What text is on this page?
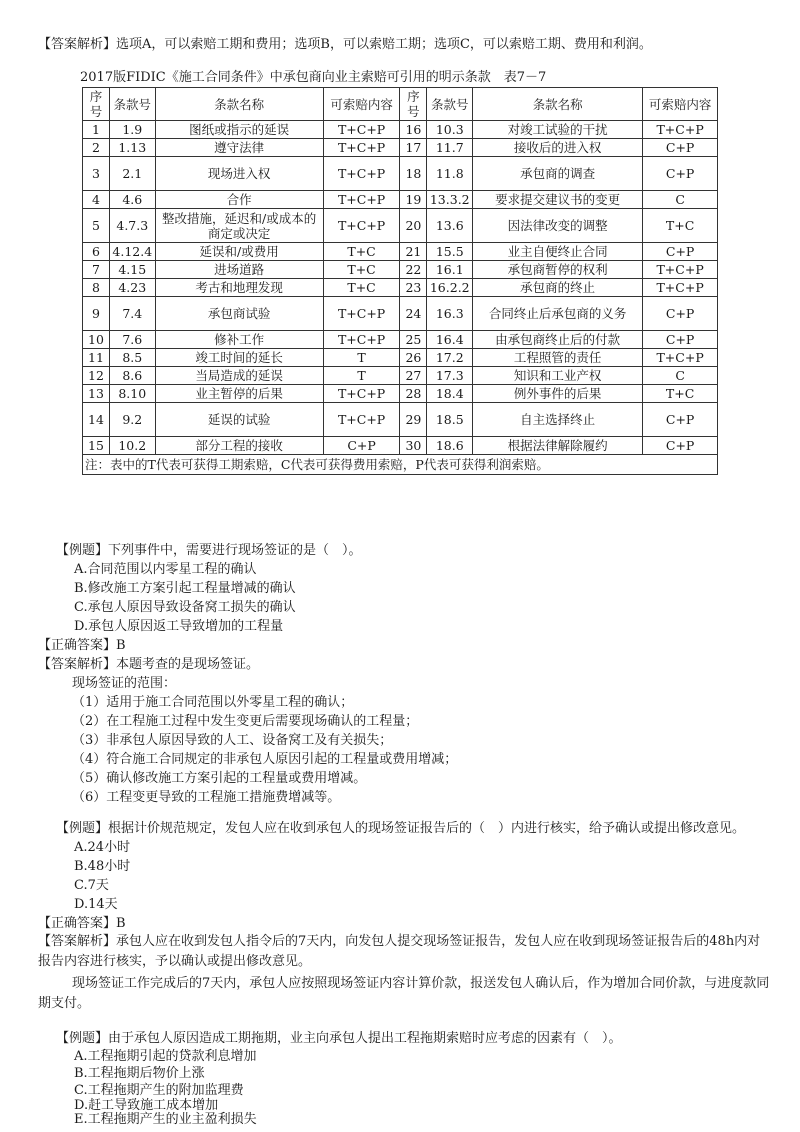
【答案解析】选项A，可以索赔工期和费用；选项B，可以索赔工期；选项C，可以索赔工期、费用和利润。
2017版FIDIC《施工合同条件》中承包商向业主索赔可引用的明示条款　表7－7
序号	条款号	条款名称	可索赔内容	序号	条款号	条款名称	可索赔内容
1	1.9	图纸或指示的延误	T+C+P	16	10.3	对竣工试验的干扰	T+C+P
2	1.13	遵守法律	T+C+P	17	11.7	接收后的进入权	C+P
3	2.1	现场进入权	T+C+P	18	11.8	承包商的调查	C+P
4	4.6	合作	T+C+P	19	13.3.2	要求提交建议书的变更	C
5	4.7.3	整改措施，延迟和/或成本的商定或决定	T+C+P	20	13.6	因法律改变的调整	T+C
6	4.12.4	延误和/或费用	T+C	21	15.5	业主自便终止合同	C+P
7	4.15	进场道路	T+C	22	16.1	承包商暂停的权利	T+C+P
8	4.23	考古和地理发现	T+C	23	16.2.2	承包商的终止	T+C+P
9	7.4	承包商试验	T+C+P	24	16.3	合同终止后承包商的义务	C+P
10	7.6	修补工作	T+C+P	25	16.4	由承包商终止后的付款	C+P
11	8.5	竣工时间的延长	T	26	17.2	工程照管的责任	T+C+P
12	8.6	当局造成的延误	T	27	17.3	知识和工业产权	C
13	8.10	业主暂停的后果	T+C+P	28	18.4	例外事件的后果	T+C
14	9.2	延误的试验	T+C+P	29	18.5	自主选择终止	C+P
15	10.2	部分工程的接收	C+P	30	18.6	根据法律解除履约	C+P
注：表中的T代表可获得工期索赔，C代表可获得费用索赔，P代表可获得利润索赔。							
【例题】下列事件中，需要进行现场签证的是（　）。
A.合同范围以内零星工程的确认
B.修改施工方案引起工程量增减的确认
C.承包人原因导致设备窝工损失的确认
D.承包人原因返工导致增加的工程量
【正确答案】B
【答案解析】本题考查的是现场签证。
现场签证的范围：
（1）适用于施工合同范围以外零星工程的确认；
（2）在工程施工过程中发生变更后需要现场确认的工程量；
（3）非承包人原因导致的人工、设备窝工及有关损失；
（4）符合施工合同规定的非承包人原因引起的工程量或费用增减；
（5）确认修改施工方案引起的工程量或费用增减。
（6）工程变更导致的工程施工措施费增减等。
【例题】根据计价规范规定，发包人应在收到承包人的现场签证报告后的（　）内进行核实，给予确认或提出修改意见。
A.24小时
B.48小时
C.7天
D.14天
【正确答案】B
【答案解析】承包人应在收到发包人指令后的7天内，向发包人提交现场签证报告，发包人应在收到现场签证报告后的48h内对报告内容进行核实，予以确认或提出修改意见。
现场签证工作完成后的7天内，承包人应按照现场签证内容计算价款，报送发包人确认后，作为增加合同价款，与进度款同期支付。
【例题】由于承包人原因造成工期拖期，业主向承包人提出工程拖期索赔时应考虑的因素有（　）。
A.工程拖期引起的贷款利息增加
B.工程拖期后物价上涨
C.工程拖期产生的附加监理费
D.赶工导致施工成本增加
E.工程拖期产生的业主盈利损失
